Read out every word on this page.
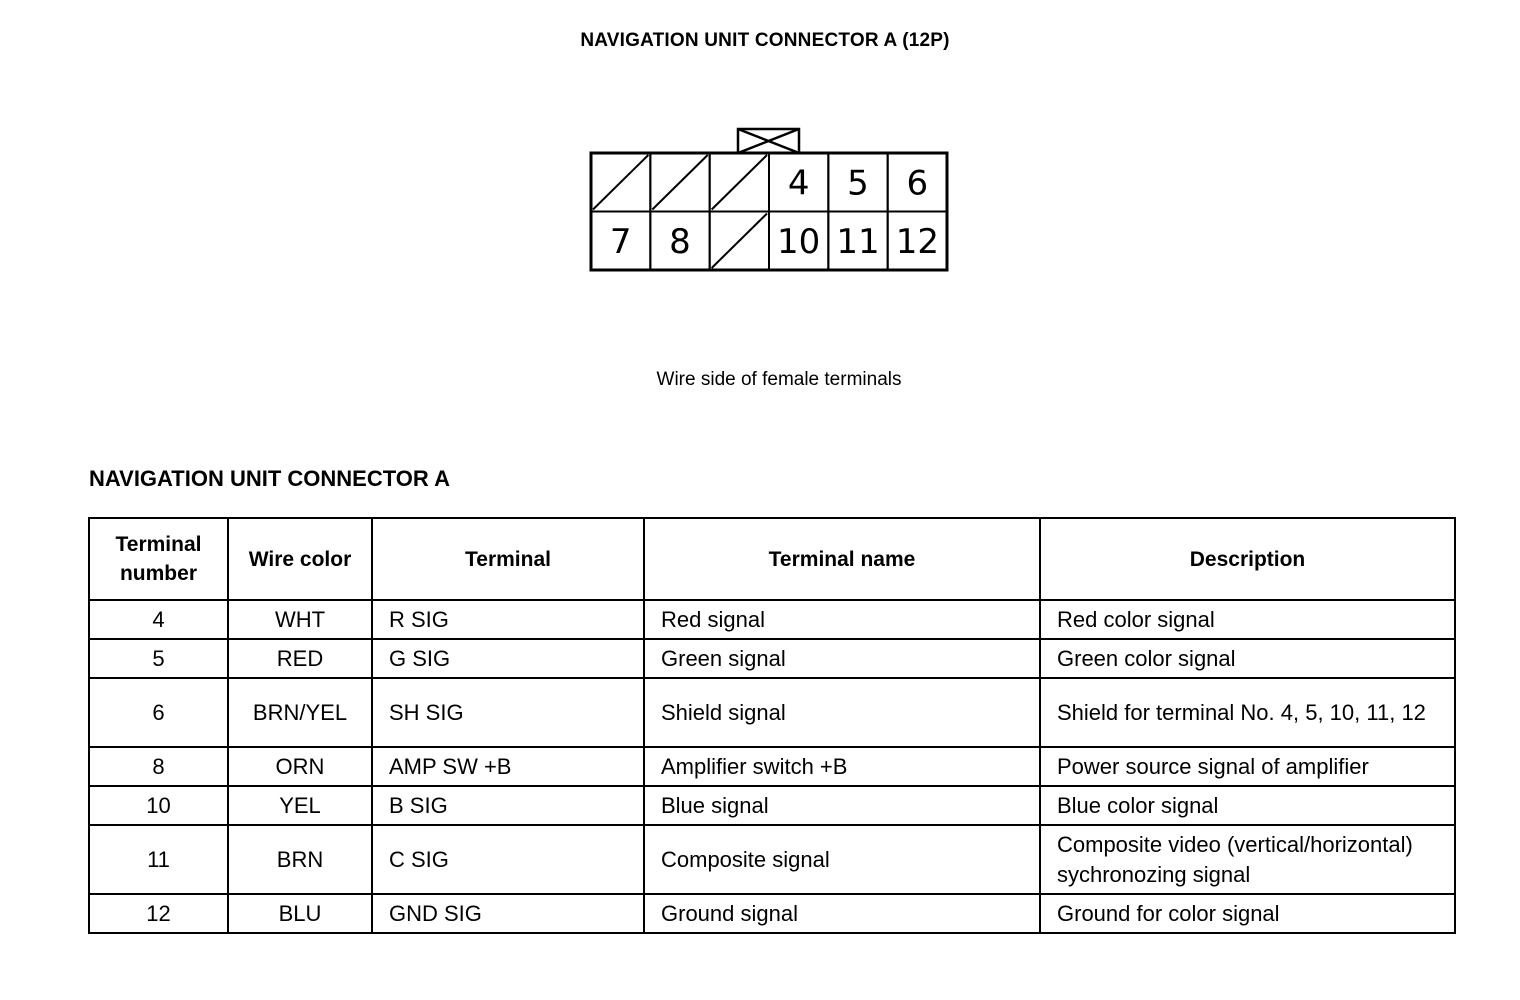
NAVIGATION UNIT CONNECTOR A (12P)
4 5 6
7 8	10 11 12
Wire side of female terminals
NAVIGATION UNIT CONNECTOR A
Terminal number	Wire color	Terminal	Terminal name	Description
4	WHT	R SIG	Red signal	Red color signal
5	RED	G SIG	Green signal	Green color signal
6	BRN/YEL	SH SIG	Shield signal	Shield for terminal No. 4, 5, 10, 11, 12
8	ORN	AMP SW +B	Amplifier switch +B	Power source signal of amplifier
10	YEL	B SIG	Blue signal	Blue color signal
11	BRN	C SIG	Composite signal	Composite video (vertical/horizontal) sychronozing signal
12	BLU	GND SIG	Ground signal	Ground for color signal
